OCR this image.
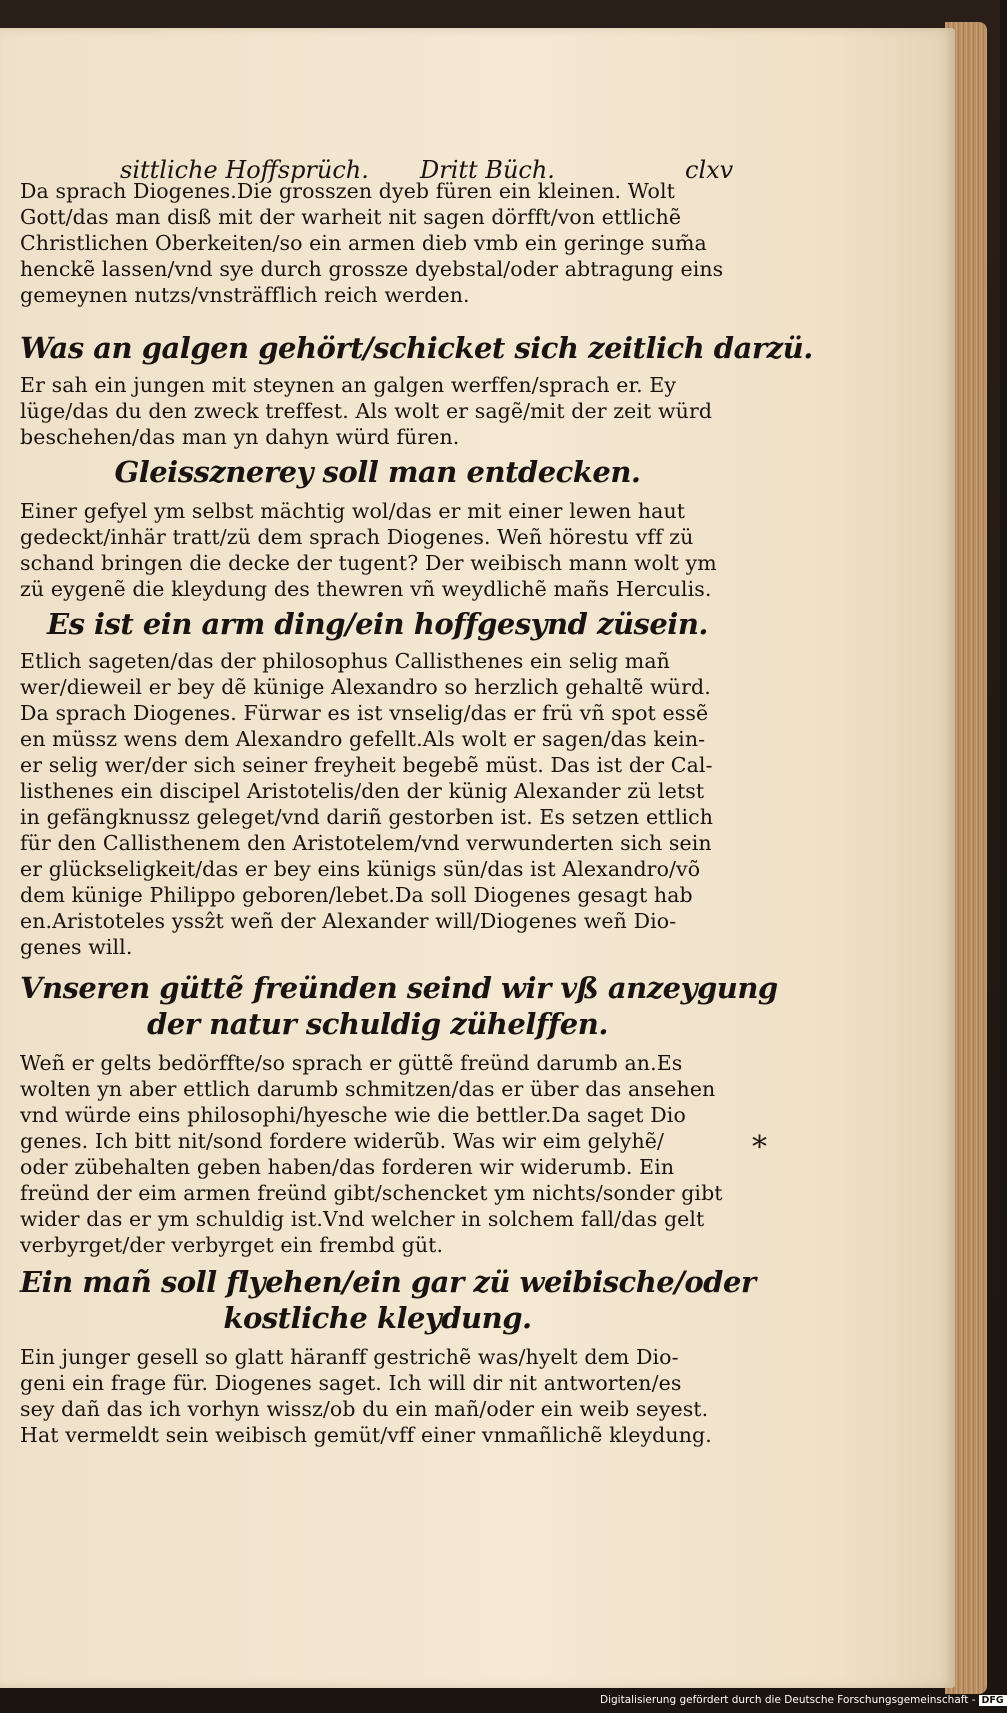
sittliche Hoffsprüch. Dritt Büch.	clxv

Da sprach Diogenes.Die grosszen dyeb füren ein kleinen. Wolt

Gott/das man disß mit der warheit nit sagen dörfft/von ettlichẽ

Christlichen Oberkeiten/so ein armen dieb vmb ein geringe sum̃a

henckẽ lassen/vnd sye durch grossze dyebstal/oder abtragung eins

gemeynen nutzs/vnsträfflich reich werden.

Was an galgen gehört/schicket sich zeitlich darzü.

Er sah ein jungen mit steynen an galgen werffen/sprach er. Ey

lüge/das du den zweck treffest. Als wolt er sagẽ/mit der zeit würd

beschehen/das man yn dahyn würd füren.

Gleissznerey soll man entdecken.

Einer gefyel ym selbst mächtig wol/das er mit einer lewen haut

gedeckt/inhär tratt/zü dem sprach Diogenes. Weñ hörestu vff zü

schand bringen die decke der tugent? Der weibisch mann wolt ym

zü eygenẽ die kleydung des thewren vñ weydlichẽ mañs Herculis.

Es ist ein arm ding/ein hoffgesynd züsein.

Etlich sageten/das der philosophus Callisthenes ein selig mañ

wer/dieweil er bey dẽ künige Alexandro so herzlich gehaltẽ würd.

Da sprach Diogenes. Fürwar es ist vnselig/das er frü vñ spot essẽ

en müssz wens dem Alexandro gefellt.Als wolt er sagen/das kein-

er selig wer/der sich seiner freyheit begebẽ müst. Das ist der Cal-

listhenes ein discipel Aristotelis/den der künig Alexander zü letst

in gefängknussz geleget/vnd dariñ gestorben ist. Es setzen ettlich

für den Callisthenem den Aristotelem/vnd verwunderten sich sein

er glückseligkeit/das er bey eins künigs sün/das ist Alexandro/võ

dem künige Philippo geboren/lebet.Da soll Diogenes gesagt hab

en.Aristoteles yssẑt weñ der Alexander will/Diogenes weñ Dio-

genes will.

Vnseren güttẽ freünden seind wir vß anzeygung

der natur schuldig zühelffen.

Weñ er gelts bedörffte/so sprach er güttẽ freünd darumb an.Es

wolten yn aber ettlich darumb schmitzen/das er über das ansehen

vnd würde eins philosophi/hyesche wie die bettler.Da saget Dio

genes. Ich bitt nit/sond fordere widerũb. Was wir eim gelyhẽ/

oder zübehalten geben haben/das forderen wir widerumb. Ein

freünd der eim armen freünd gibt/schencket ym nichts/sonder gibt

wider das er ym schuldig ist.Vnd welcher in solchem fall/das gelt

verbyrget/der verbyrget ein frembd güt.

Ein mañ soll flyehen/ein gar zü weibische/oder

kostliche kleydung.

Ein junger gesell so glatt häranff gestrichẽ was/hyelt dem Dio-

geni ein frage für. Diogenes saget. Ich will dir nit antworten/es

sey dañ das ich vorhyn wissz/ob du ein mañ/oder ein weib seyest.

Hat vermeldt sein weibisch gemüt/vff einer vnmañlichẽ kleydung.

*
Digitalisierung gefördert durch die Deutsche Forschungsgemeinschaft - DFG
